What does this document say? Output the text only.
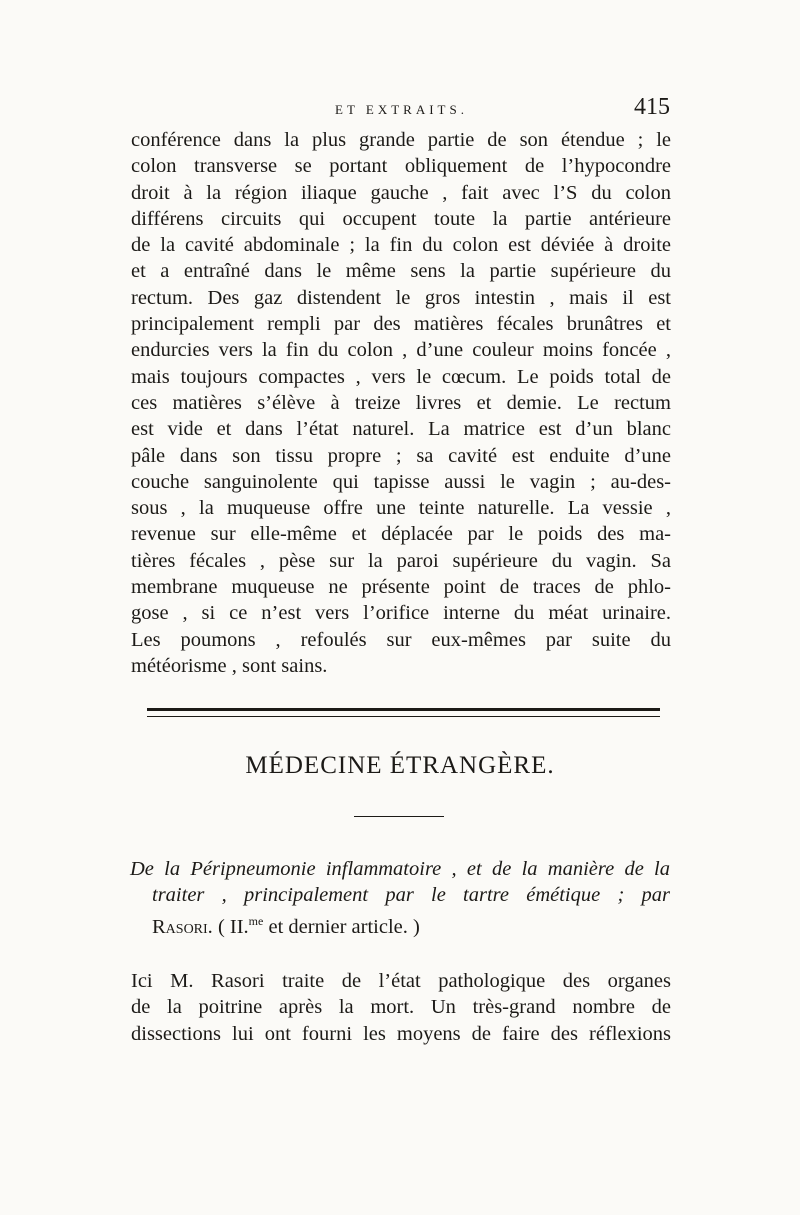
ET EXTRAITS.	415
conférence dans la plus grande partie de son étendue ; le
colon transverse se portant obliquement de l’hypocondre
droit à la région iliaque gauche , fait avec l’S du colon
différens circuits qui occupent toute la partie antérieure
de la cavité abdominale ; la fin du colon est déviée à droite
et a entraîné dans le même sens la partie supérieure du
rectum. Des gaz distendent le gros intestin , mais il est
principalement rempli par des matières fécales brunâtres et
endurcies vers la fin du colon , d’une couleur moins foncée ,
mais toujours compactes , vers le cœcum. Le poids total de
ces matières s’élève à treize livres et demie. Le rectum
est vide et dans l’état naturel. La matrice est d’un blanc
pâle dans son tissu propre ; sa cavité est enduite d’une
couche sanguinolente qui tapisse aussi le vagin ; au-des-
sous , la muqueuse offre une teinte naturelle. La vessie ,
revenue sur elle-même et déplacée par le poids des ma-
tières fécales , pèse sur la paroi supérieure du vagin. Sa
membrane muqueuse ne présente point de traces de phlo-
gose , si ce n’est vers l’orifice interne du méat urinaire.
Les poumons , refoulés sur eux-mêmes par suite du
météorisme , sont sains.
MÉDECINE ÉTRANGÈRE.
De la Péripneumonie inflammatoire , et de la manière de la
traiter , principalement par le tartre émétique ; par
Rasori. ( II.$^{me}$ et dernier article. )
Ici M. Rasori traite de l’état pathologique des organes
de la poitrine après la mort. Un très-grand nombre de
dissections lui ont fourni les moyens de faire des réflexions
